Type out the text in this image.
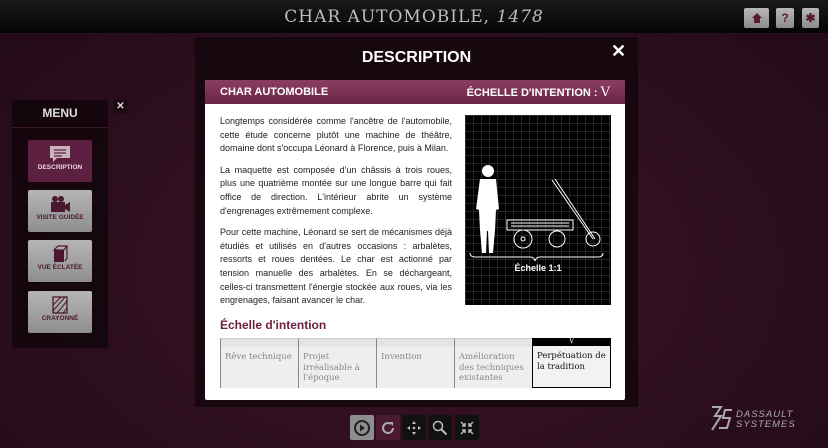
CHAR AUTOMOBILE, 1478	?	✱
MENU
DESCRIPTION
VISITE GUIDÉE
VUE ÉCLATÉE
CRAYONNÉ
✕
DESCRIPTION	✕
CHAR AUTOMOBILE	ÉCHELLE D'INTENTION : V

Longtemps considérée comme l'ancêtre de l'automobile, cette étude concerne plutôt une machine de théâtre, domaine dont s'occupa Léonard à Florence, puis à Milan.

La maquette est composée d'un châssis à trois roues, plus une quatrième montée sur une longue barre qui fait office de direction. L'intérieur abrite un système d'engrenages extrêmement complexe.

Pour cette machine, Léonard se sert de mécanismes déjà étudiés et utilisés en d'autres occasions : arbalètes, ressorts et roues dentées. Le char est actionné par tension manuelle des arbalètes. En se déchargeant, celles-ci transmettent l'énergie stockée aux roues, via les engrenages, faisant avancer le char.

Échelle 1:1
Échelle d'intention
Rêve technique	Projet irréalisable à l'époque
Invention	Amélioration des techniques existantes
V
Perpétuation de la tradition
DASSAULT
SYSTEMES
